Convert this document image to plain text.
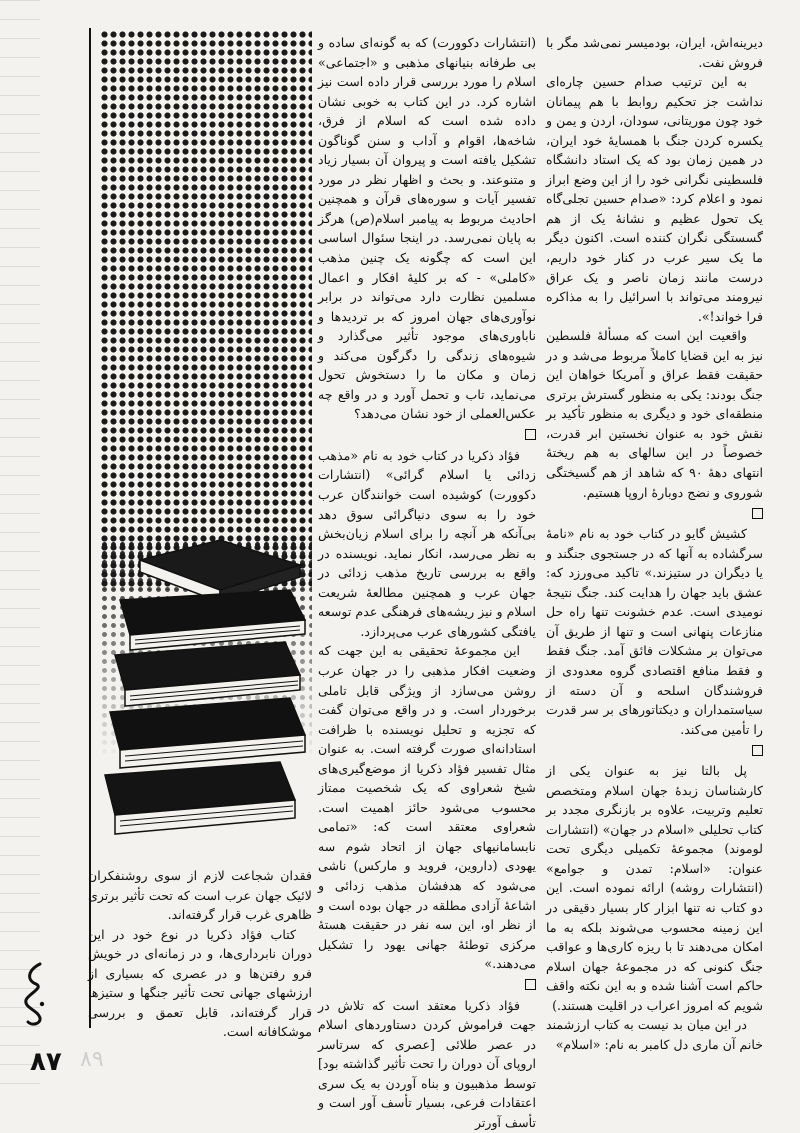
دیرینه‌اش، ایران، بودمیسر نمی‌شد مگر با فروش نفت.

به این ترتیب صدام حسین چاره‌ای نداشت جز تحکیم روابط با هم پیمانان خود چون موریتانی، سودان، اردن و یمن و یکسره کردن جنگ با همسایهٔ خود ایران، در همین زمان بود که یک استاد دانشگاه فلسطینی نگرانی خود را از این وضع ابراز نمود و اعلام کرد: «صدام حسین تجلی‌گاه یک تحول عظیم و نشانهٔ یک از هم گسستگی نگران کننده است. اکنون دیگر ما یک سیر عرب در کنار خود داریم، درست مانند زمان ناصر و یک عراق نیرومند می‌تواند با اسرائیل را به مذاکره فرا خواند!».

واقعیت این است که مسألهٔ فلسطین نیز به این قضایا کاملاً مربوط می‌شد و در حقیقت فقط عراق و آمریکا خواهان این جنگ بودند: یکی به منظور گسترش برتری منطقه‌ای خود و دیگری به منظور تأکید بر نقش خود به عنوان نخستین ابر قدرت، خصوصاً در این سالهای به هم ریختهٔ انتهای دههٔ ۹۰ که شاهد از هم گسیختگی شوروی و نضج دوبارهٔ اروپا هستیم.

کشیش گایو در کتاب خود به نام «نامهٔ سرگشاده به آنها که در جستجوی جنگند و یا دیگران در ستیزند.» تاکید می‌ورزد که: عشق باید جهان را هدایت کند. جنگ نتیجهٔ نومیدی است. عدم خشونت تنها راه حل منازعات پنهانی است و تنها از طریق آن می‌توان بر مشکلات فائق آمد. جنگ فقط و فقط منافع اقتصادی گروه معدودی از فروشندگان اسلحه و آن دسته از سیاستمداران و دیکتاتورهای بر سر قدرت را تأمین می‌کند.

پل بالتا نیز به عنوان یکی از کارشناسان زبدهٔ جهان اسلام ومتخصص تعلیم وتربیت، علاوه بر بازنگری مجدد بر کتاب تحلیلی «اسلام در جهان» (انتشارات لوموند) مجموعهٔ تکمیلی دیگری تحت عنوان: «اسلام: تمدن و جوامع» (انتشارات روشه) ارائه نموده است. این دو کتاب نه تنها ابزار کار بسیار دقیقی در این زمینه محسوب می‌شوند بلکه به ما امکان می‌دهند تا با ریزه کاری‌ها و عواقب جنگ کنونی که در مجموعهٔ جهان اسلام حاکم است آشنا شده و به این نکته واقف شویم که امروز اعراب در اقلیت هستند.)

در این میان بد نیست به کتاب ارزشمند خانم آن ماری دل کامبر به نام: «اسلام»

(انتشارات دکوورت) که به گونه‌ای ساده و بی طرفانه بنیانهای مذهبی و «اجتماعی» اسلام را مورد بررسی قرار داده است نیز اشاره کرد. در این کتاب به خوبی نشان داده شده است که اسلام از فرق، شاخه‌ها، اقوام و آداب و سنن گوناگون تشکیل یافته است و پیروان آن بسیار زیاد و متنوعند. و بحث و اظهار نظر در مورد تفسیر آیات و سوره‌های قرآن و همچنین احادیث مربوط به پیامبر اسلام(ص) هرگز به پایان نمی‌رسد. در اینجا سئوال اساسی این است که چگونه یک چنین مذهب «کاملی» - که بر کلیهٔ افکار و اعمال مسلمین نظارت دارد می‌تواند در برابر نوآوری‌های جهان امروز که بر تردیدها و ناباوری‌های موجود تأثیر می‌گذارد و شیوه‌های زندگی را دگرگون می‌کند و زمان و مکان ما را دستخوش تحول می‌نماید، تاب و تحمل آورد و در واقع چه عکس‌العملی از خود نشان می‌دهد؟

فؤاد ذکریا در کتاب خود به نام «مذهب زدائی یا اسلام گرائی» (انتشارات دکوورت) کوشیده است خوانندگان عرب خود را به سوی دنیاگرائی سوق دهد بی‌آنکه هر آنچه را برای اسلام زیان‌بخش به نظر می‌رسد، انکار نماید. نویسنده در واقع به بررسی تاریخ مذهب زدائی در جهان عرب و همچنین مطالعهٔ شریعت اسلام و نیز ریشه‌های فرهنگی عدم توسعه یافتگی کشورهای عرب می‌پردازد.

این مجموعهٔ تحقیقی به این جهت که وضعیت افکار مذهبی را در جهان عرب روشن می‌سازد از ویژگی قابل تاملی برخوردار است. و در واقع می‌توان گفت که تجزیه و تحلیل نویسنده با ظرافت استادانه‌ای صورت گرفته است. به عنوان مثال تفسیر فؤاد ذکریا از موضع‌گیری‌های شیخ شعراوی که یک شخصیت ممتاز محسوب می‌شود حائز اهمیت است. شعراوی معتقد است که: «تمامی نابسامانیهای جهان از اتحاد شوم سه یهودی (داروین، فروید و مارکس) ناشی می‌شود که هدفشان مذهب زدائی و اشاعهٔ آزادی مطلقه در جهان بوده است و از نظر او، این سه نفر در حقیقت هستهٔ مرکزی توطئهٔ جهانی یهود را تشکیل می‌دهند.»

فؤاد ذکریا معتقد است که تلاش در جهت فراموش کردن دستاوردهای اسلام در عصر طلائی [عصری که سرتاسر اروپای آن دوران را تحت تأثیر گذاشته بود] توسط مذهبیون و بناه آوردن به یک سری اعتقادات فرعی، بسیار تأسف آور است و تأسف آورتر

فقدان شجاعت لازم از سوی روشنفکران لائیک جهان عرب است که تحت تأثیر برتری ظاهری غرب قرار گرفته‌اند.

کتاب فؤاد ذکریا در نوع خود در این دوران نابرداری‌ها، و در زمانه‌ای در خویش فرو رفتن‌ها و در عصری که بسیاری از ارزشهای جهانی تحت تأثیر جنگها و ستیزها قرار گرفته‌اند، قابل تعمق و بررسی موشکافانه است.

۸۹
۸۷
